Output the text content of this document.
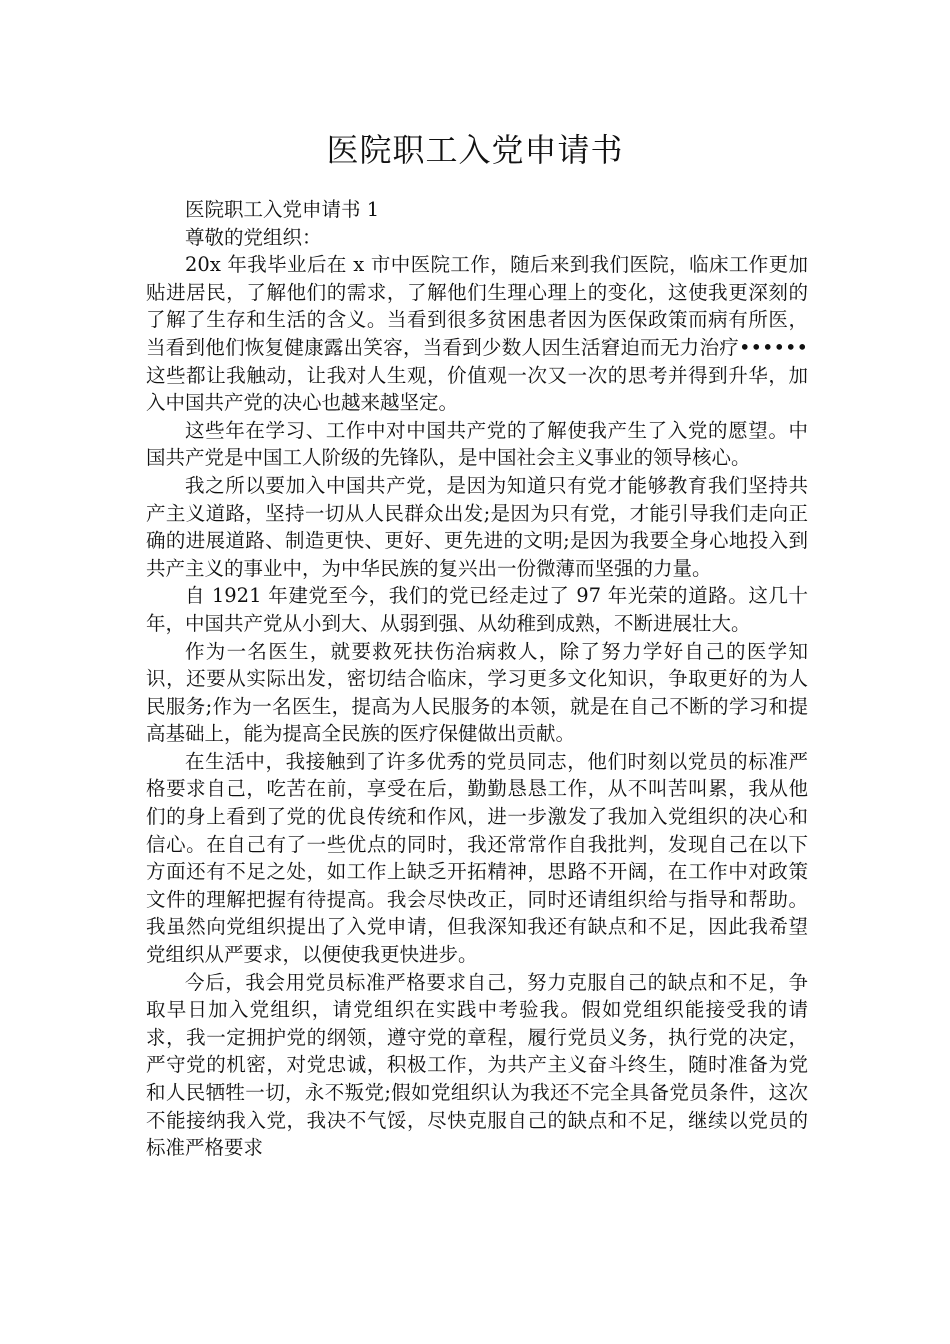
医院职工入党申请书

医院职工入党申请书 1

尊敬的党组织：

20x 年我毕业后在 x 市中医院工作，随后来到我们医院，临床工作更加贴进居民，了解他们的需求，了解他们生理心理上的变化，这使我更深刻的了解了生存和生活的含义。当看到很多贫困患者因为医保政策而病有所医，当看到他们恢复健康露出笑容，当看到少数人因生活窘迫而无力治疗••••••这些都让我触动，让我对人生观，价值观一次又一次的思考并得到升华，加入中国共产党的决心也越来越坚定。

这些年在学习、工作中对中国共产党的了解使我产生了入党的愿望。中国共产党是中国工人阶级的先锋队，是中国社会主义事业的领导核心。

我之所以要加入中国共产党，是因为知道只有党才能够教育我们坚持共产主义道路，坚持一切从人民群众出发;是因为只有党，才能引导我们走向正确的进展道路、制造更快、更好、更先进的文明;是因为我要全身心地投入到共产主义的事业中，为中华民族的复兴出一份微薄而坚强的力量。

自 1921 年建党至今，我们的党已经走过了 97 年光荣的道路。这几十年，中国共产党从小到大、从弱到强、从幼稚到成熟，不断进展壮大。

作为一名医生，就要救死扶伤治病救人，除了努力学好自己的医学知识，还要从实际出发，密切结合临床，学习更多文化知识，争取更好的为人民服务;作为一名医生，提高为人民服务的本领，就是在自己不断的学习和提高基础上，能为提高全民族的医疗保健做出贡献。

在生活中，我接触到了许多优秀的党员同志，他们时刻以党员的标准严格要求自己，吃苦在前，享受在后，勤勤恳恳工作，从不叫苦叫累，我从他们的身上看到了党的优良传统和作风，进一步激发了我加入党组织的决心和信心。在自己有了一些优点的同时，我还常常作自我批判，发现自己在以下方面还有不足之处，如工作上缺乏开拓精神，思路不开阔，在工作中对政策文件的理解把握有待提高。我会尽快改正，同时还请组织给与指导和帮助。我虽然向党组织提出了入党申请，但我深知我还有缺点和不足，因此我希望党组织从严要求，以便使我更快进步。

今后，我会用党员标准严格要求自己，努力克服自己的缺点和不足，争取早日加入党组织，请党组织在实践中考验我。假如党组织能接受我的请求，我一定拥护党的纲领，遵守党的章程，履行党员义务，执行党的决定，严守党的机密，对党忠诚，积极工作，为共产主义奋斗终生，随时准备为党和人民牺牲一切，永不叛党;假如党组织认为我还不完全具备党员条件，这次不能接纳我入党，我决不气馁，尽快克服自己的缺点和不足，继续以党员的标准严格要求
